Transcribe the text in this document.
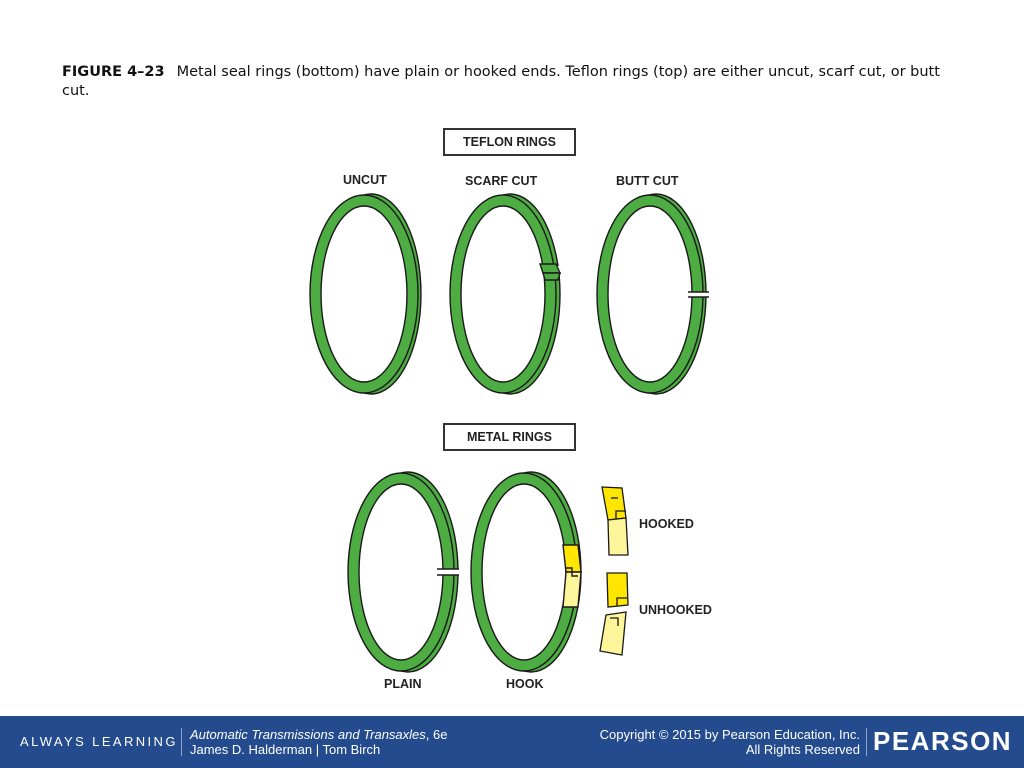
FIGURE 4–23 Metal seal rings (bottom) have plain or hooked ends. Teflon rings (top) are either uncut, scarf cut, or butt cut.
TEFLON RINGS
METAL RINGS
UNCUT	SCARF CUT	BUTT CUT
PLAIN	HOOK
HOOKED
UNHOOKED
ALWAYS LEARNING Automatic Transmissions and Transaxles, 6e
James D. Halderman | Tom Birch
Copyright © 2015 by Pearson Education, Inc.
All Rights Reserved PEARSON
